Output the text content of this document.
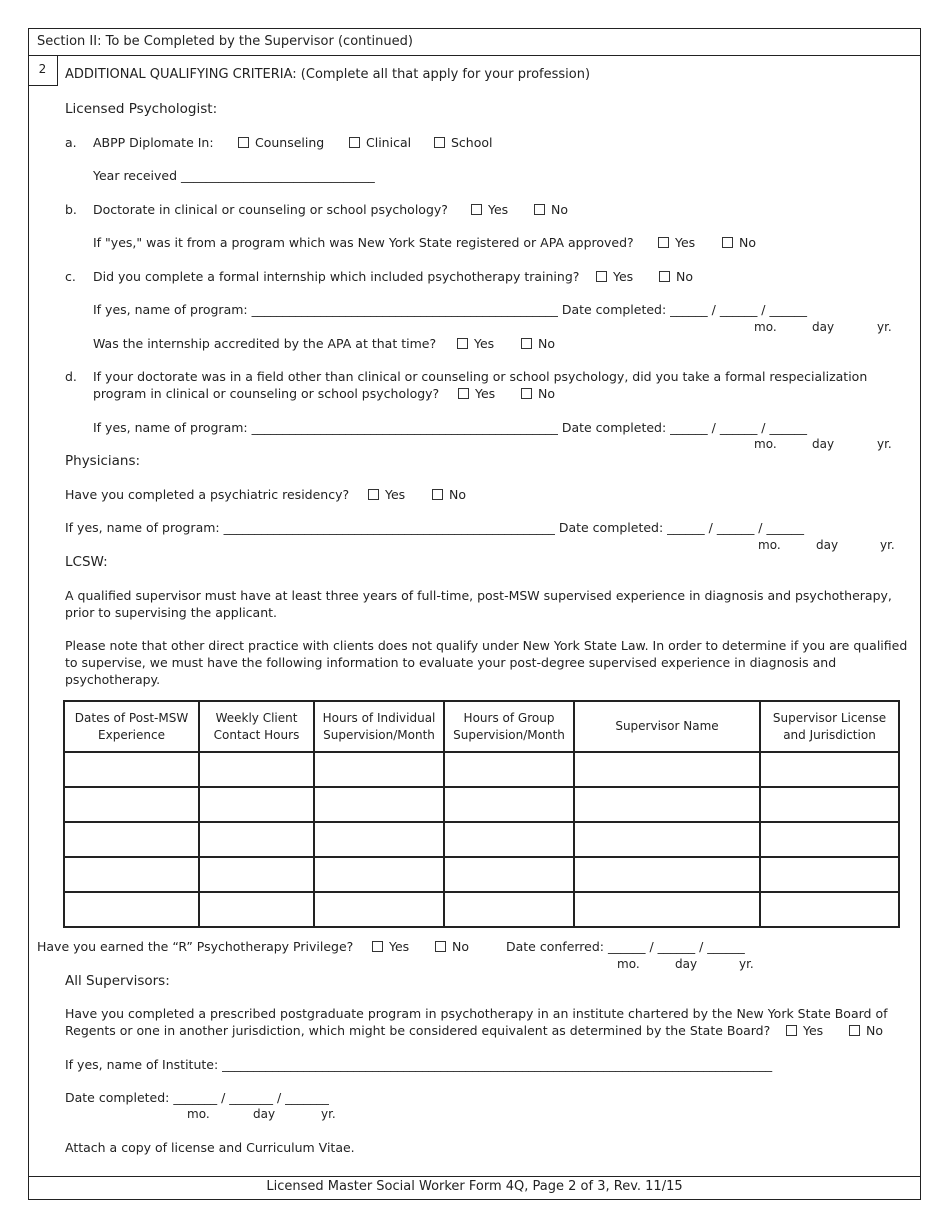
Section II: To be Completed by the Supervisor (continued)
2	ADDITIONAL QUALIFYING CRITERIA: (Complete all that apply for your profession)
Licensed Psychologist:
a. ABPP Diplomate In:	Counseling	Clinical	School
Year received _______________________________
b. Doctorate in clinical or counseling or school psychology?	Yes	No
If "yes," was it from a program which was New York State registered or APA approved?	Yes	No
c. Did you complete a formal internship which included psychotherapy training?	Yes	No
If yes, name of program: _________________________________________________ Date completed: ______ / ______ / ______
mo.	day	yr.
Was the internship accredited by the APA at that time?	Yes	No
d. If your doctorate was in a field other than clinical or counseling or school psychology, did you take a formal respecialization
program in clinical or counseling or school psychology?	Yes	No
If yes, name of program: _________________________________________________ Date completed: ______ / ______ / ______
mo.	day	yr.
Physicians:
Have you completed a psychiatric residency?	Yes	No
If yes, name of program: _____________________________________________________ Date completed: ______ / ______ / ______
mo.	day	yr.
LCSW:
A qualified supervisor must have at least three years of full-time, post-MSW supervised experience in diagnosis and psychotherapy, prior to supervising the applicant.
Please note that other direct practice with clients does not qualify under New York State Law. In order to determine if you are qualified to supervise, we must have the following information to evaluate your post-degree supervised experience in diagnosis and psychotherapy.
Dates of Post-MSW Experience	Weekly Client Contact Hours	Hours of Individual Supervision/Month	Hours of Group Supervision/Month	Supervisor Name	Supervisor License and Jurisdiction

Have you earned the “R” Psychotherapy Privilege?	Yes	No	Date conferred: ______ / ______ / ______
mo.	day	yr.
All Supervisors:
Have you completed a prescribed postgraduate program in psychotherapy in an institute chartered by the New York State Board of
Regents or one in another jurisdiction, which might be considered equivalent as determined by the State Board?	Yes	No
If yes, name of Institute: ________________________________________________________________________________________
Date completed: _______ / _______ / _______
mo.	day	yr.
Attach a copy of license and Curriculum Vitae.
Licensed Master Social Worker Form 4Q, Page 2 of 3, Rev. 11/15
